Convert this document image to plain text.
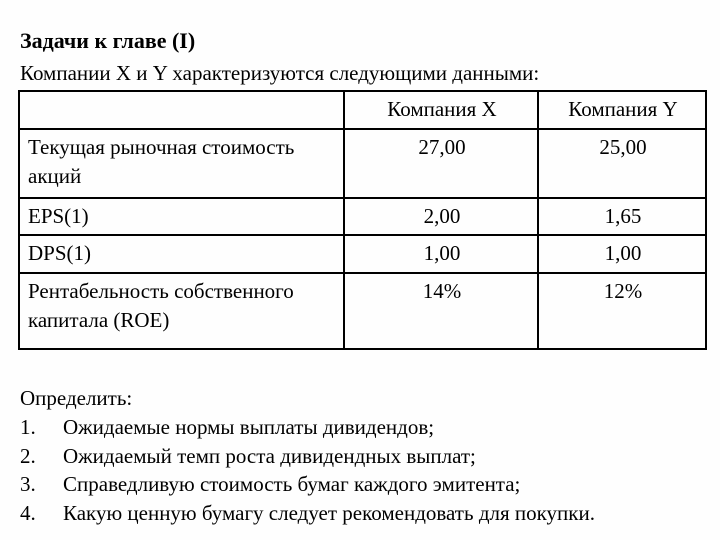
Задачи к главе (I)
Компании X и Y характеризуются следующими данными:
	Компания X	Компания Y
Текущая рыночная стоимость акций	27,00	25,00
EPS(1)	2,00	1,65
DPS(1)	1,00	1,00
Рентабельность собственного капитала (ROE)	14%	12%
Определить:
1.	Ожидаемые нормы выплаты дивидендов;
2.	Ожидаемый темп роста дивидендных выплат;
3.	Справедливую стоимость бумаг каждого эмитента;
4.	Какую ценную бумагу следует рекомендовать для покупки.
